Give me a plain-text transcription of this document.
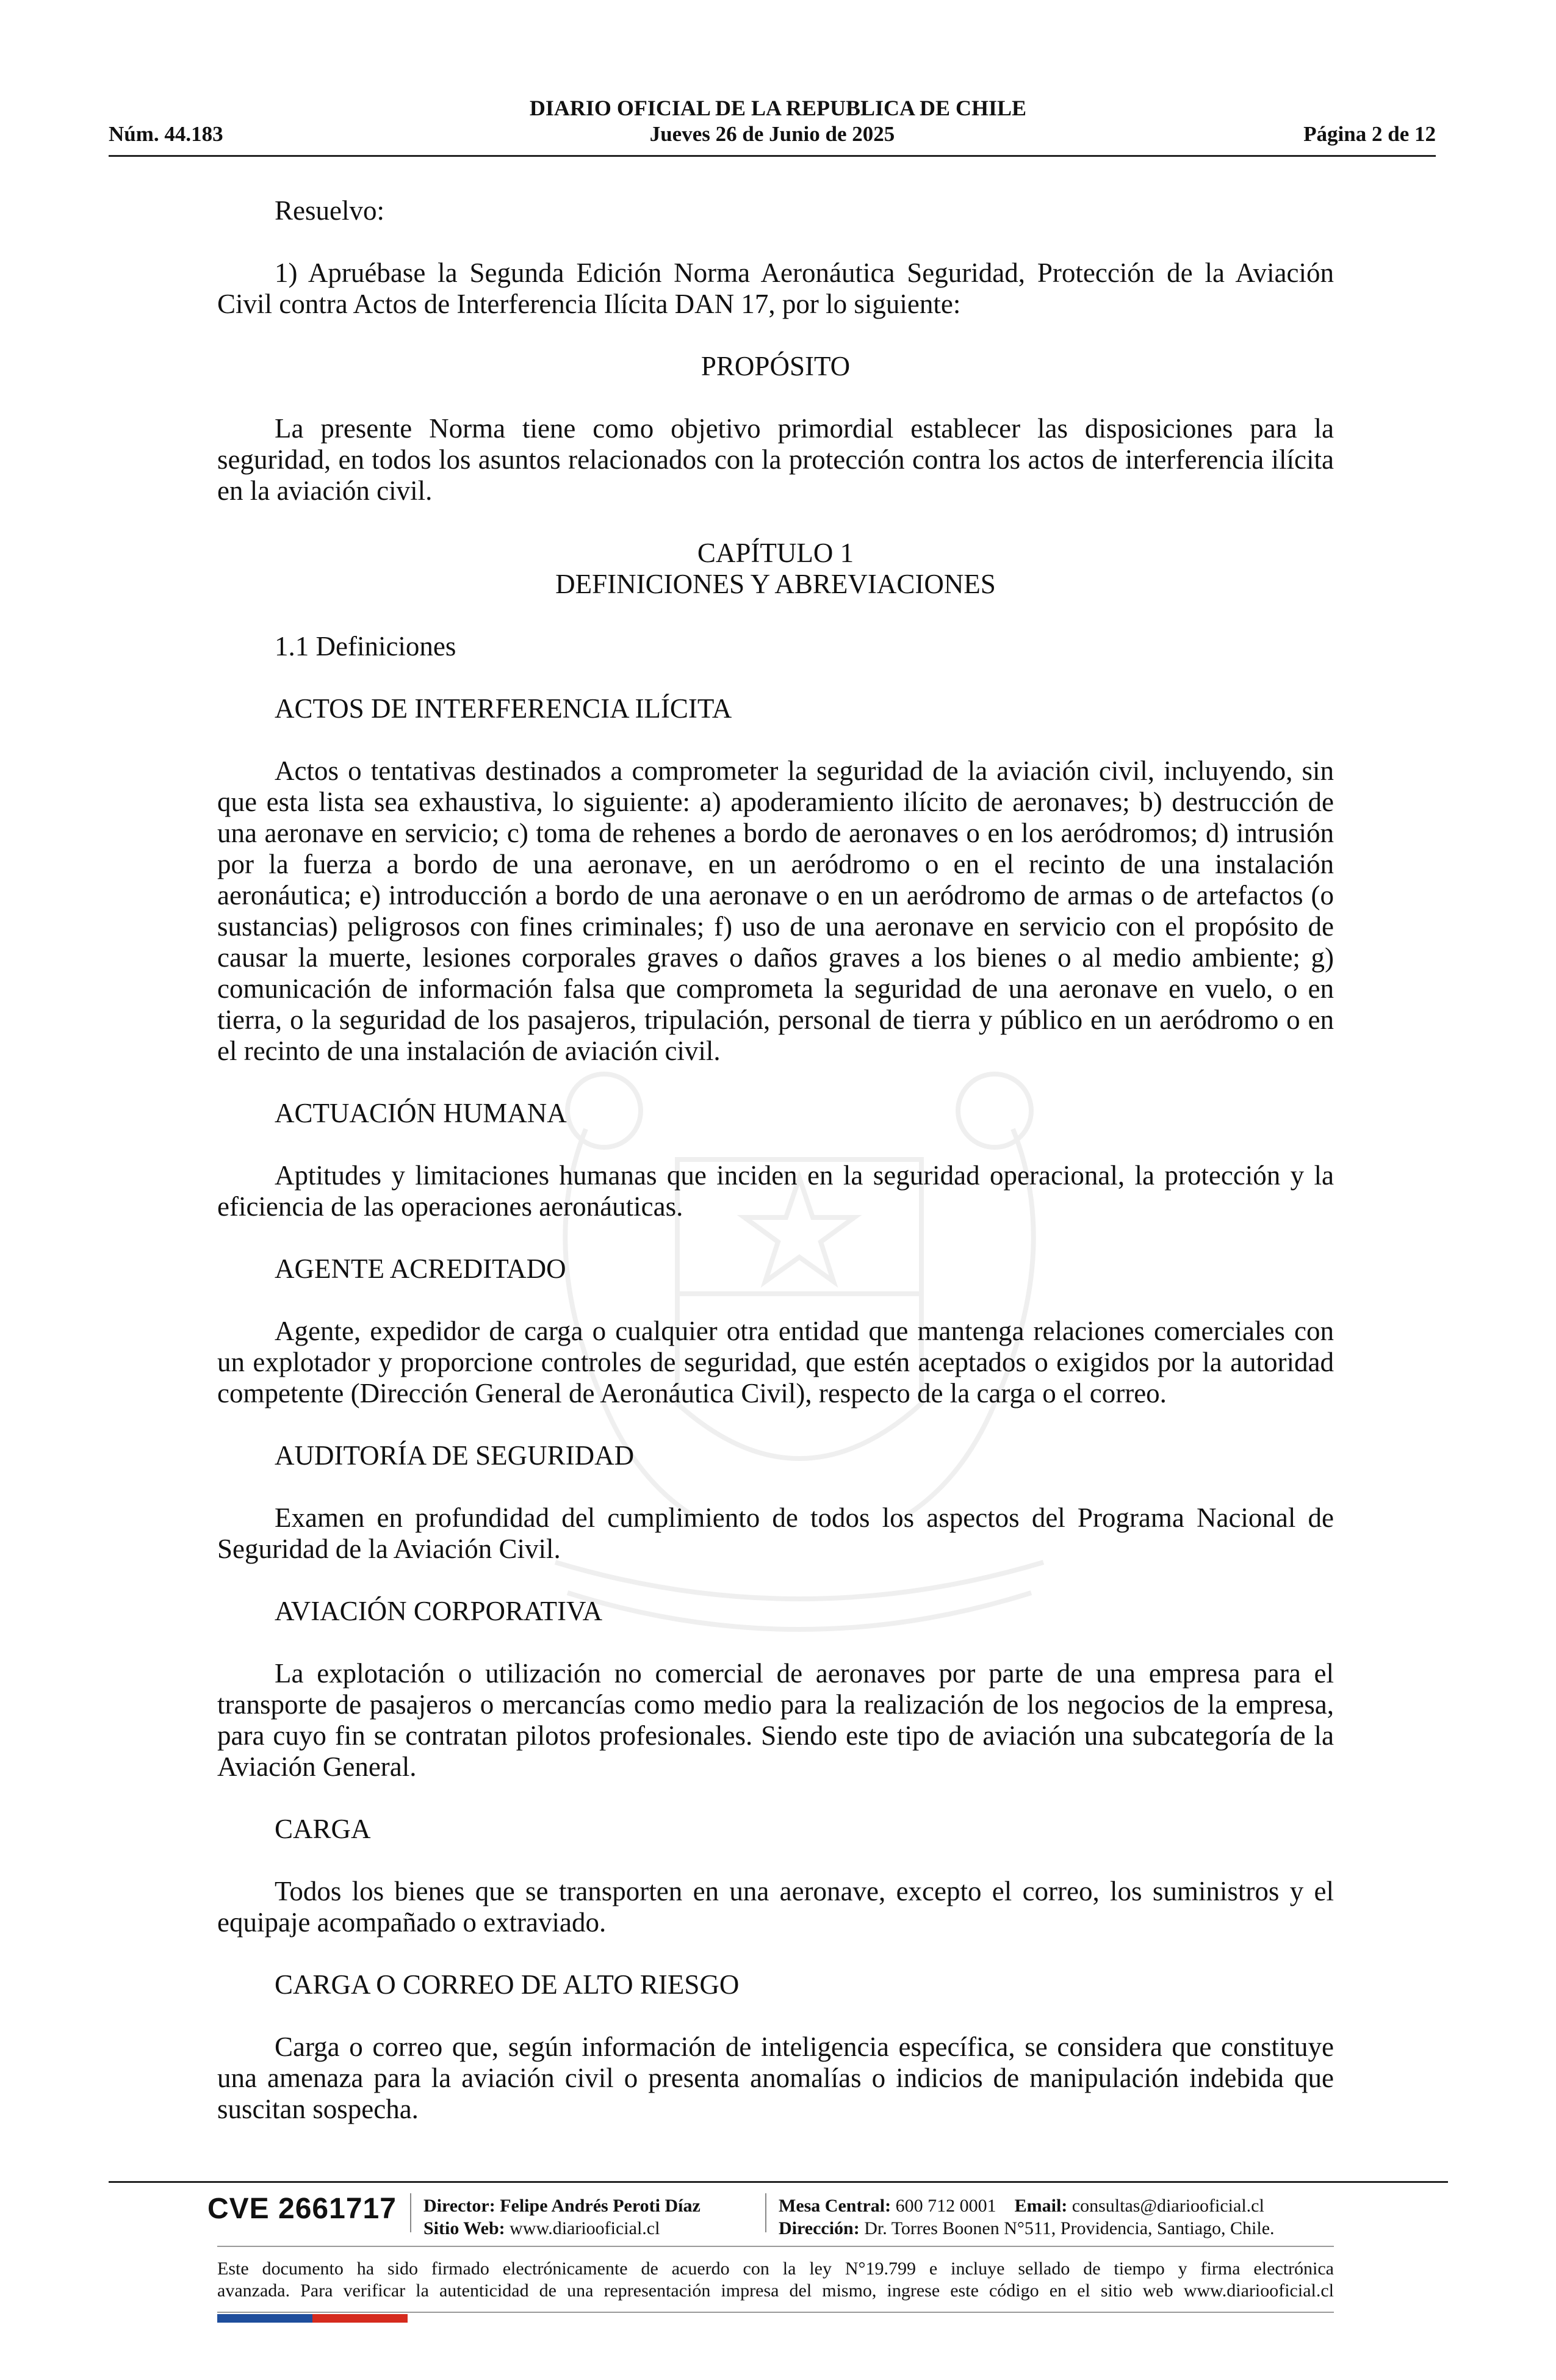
DIARIO OFICIAL DE LA REPUBLICA DE CHILE
Jueves 26 de Junio de 2025
Núm. 44.183	Página 2 de 12
Resuelvo:
1) Apruébase la Segunda Edición Norma Aeronáutica Seguridad, Protección de la Aviación Civil contra Actos de Interferencia Ilícita DAN 17, por lo siguiente:
PROPÓSITO
La presente Norma tiene como objetivo primordial establecer las disposiciones para la seguridad, en todos los asuntos relacionados con la protección contra los actos de interferencia ilícita en la aviación civil.
CAPÍTULO 1
DEFINICIONES Y ABREVIACIONES
1.1 Definiciones
ACTOS DE INTERFERENCIA ILÍCITA
Actos o tentativas destinados a comprometer la seguridad de la aviación civil, incluyendo, sin que esta lista sea exhaustiva, lo siguiente: a) apoderamiento ilícito de aeronaves; b) destrucción de una aeronave en servicio; c) toma de rehenes a bordo de aeronaves o en los aeródromos; d) intrusión por la fuerza a bordo de una aeronave, en un aeródromo o en el recinto de una instalación aeronáutica; e) introducción a bordo de una aeronave o en un aeródromo de armas o de artefactos (o sustancias) peligrosos con fines criminales; f) uso de una aeronave en servicio con el propósito de causar la muerte, lesiones corporales graves o daños graves a los bienes o al medio ambiente; g) comunicación de información falsa que comprometa la seguridad de una aeronave en vuelo, o en tierra, o la seguridad de los pasajeros, tripulación, personal de tierra y público en un aeródromo o en el recinto de una instalación de aviación civil.
ACTUACIÓN HUMANA
Aptitudes y limitaciones humanas que inciden en la seguridad operacional, la protección y la eficiencia de las operaciones aeronáuticas.
AGENTE ACREDITADO
Agente, expedidor de carga o cualquier otra entidad que mantenga relaciones comerciales con un explotador y proporcione controles de seguridad, que estén aceptados o exigidos por la autoridad competente (Dirección General de Aeronáutica Civil), respecto de la carga o el correo.
AUDITORÍA DE SEGURIDAD
Examen en profundidad del cumplimiento de todos los aspectos del Programa Nacional de Seguridad de la Aviación Civil.
AVIACIÓN CORPORATIVA
La explotación o utilización no comercial de aeronaves por parte de una empresa para el transporte de pasajeros o mercancías como medio para la realización de los negocios de la empresa, para cuyo fin se contratan pilotos profesionales. Siendo este tipo de aviación una subcategoría de la Aviación General.
CARGA
Todos los bienes que se transporten en una aeronave, excepto el correo, los suministros y el equipaje acompañado o extraviado.
CARGA O CORREO DE ALTO RIESGO
Carga o correo que, según información de inteligencia específica, se considera que constituye una amenaza para la aviación civil o presenta anomalías o indicios de manipulación indebida que suscitan sospecha.
CVE 2661717 Director: Felipe Andrés Peroti Díaz
Sitio Web: www.diariooficial.cl
Mesa Central: 600 712 0001 Email: consultas@diariooficial.cl
Dirección: Dr. Torres Boonen N°511, Providencia, Santiago, Chile.
Este documento ha sido firmado electrónicamente de acuerdo con la ley N°19.799 e incluye sellado de tiempo y firma electrónica
avanzada. Para verificar la autenticidad de una representación impresa del mismo, ingrese este código en el sitio web www.diariooficial.cl
